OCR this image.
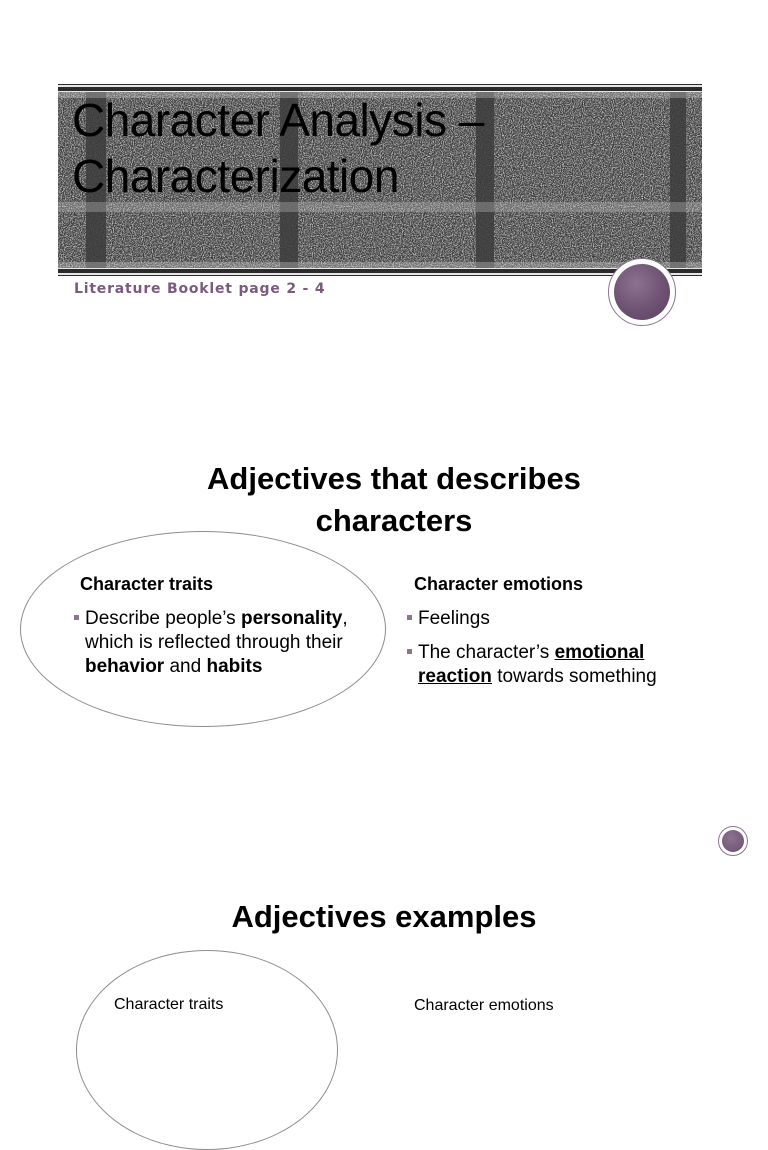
Character Analysis –
Characterization
Literature Booklet page 2 - 4
Adjectives that describes
characters
Character traits
Describe people’s personality, which is reflected through their behavior and habits
Character emotions
Feelings
The character’s emotional reaction towards something
Adjectives examples
Character traits	Character emotions
